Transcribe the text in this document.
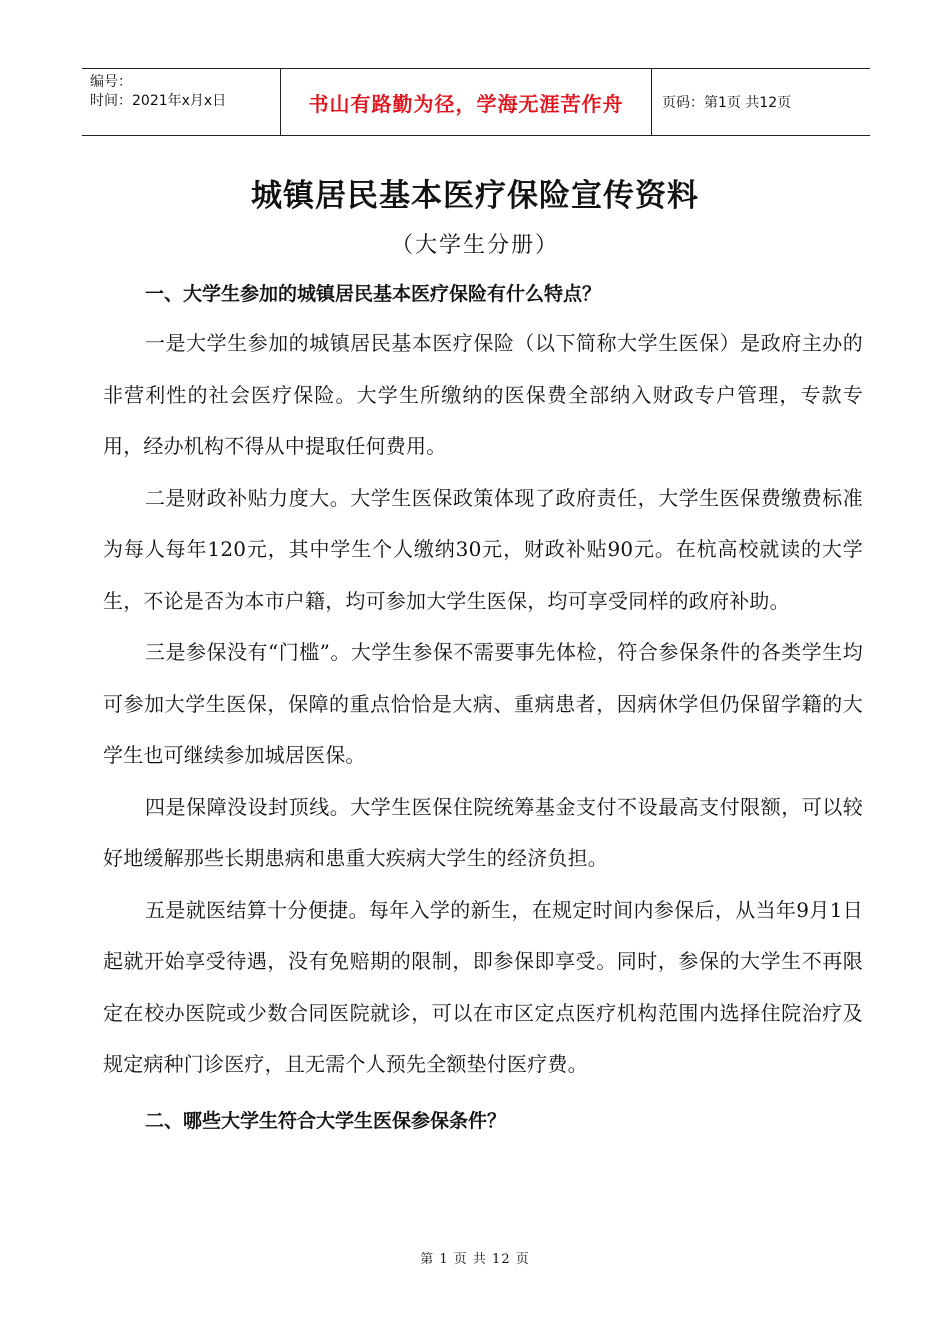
编号：
时间：2021年x月x日	书山有路勤为径，学海无涯苦作舟	页码：第1页 共12页
城镇居民基本医疗保险宣传资料
（大学生分册）

一、大学生参加的城镇居民基本医疗保险有什么特点？

一是大学生参加的城镇居民基本医疗保险（以下简称大学生医保）是政府主办的非营利性的社会医疗保险。大学生所缴纳的医保费全部纳入财政专户管理，专款专用，经办机构不得从中提取任何费用。

二是财政补贴力度大。大学生医保政策体现了政府责任，大学生医保费缴费标准为每人每年120元，其中学生个人缴纳30元，财政补贴90元。在杭高校就读的大学生，不论是否为本市户籍，均可参加大学生医保，均可享受同样的政府补助。

三是参保没有“门槛”。大学生参保不需要事先体检，符合参保条件的各类学生均可参加大学生医保，保障的重点恰恰是大病、重病患者，因病休学但仍保留学籍的大学生也可继续参加城居医保。

四是保障没设封顶线。大学生医保住院统筹基金支付不设最高支付限额，可以较好地缓解那些长期患病和患重大疾病大学生的经济负担。

五是就医结算十分便捷。每年入学的新生，在规定时间内参保后，从当年9月1日起就开始享受待遇，没有免赔期的限制，即参保即享受。同时，参保的大学生不再限定在校办医院或少数合同医院就诊，可以在市区定点医疗机构范围内选择住院治疗及规定病种门诊医疗，且无需个人预先全额垫付医疗费。

二、哪些大学生符合大学生医保参保条件？

第 1 页 共 12 页
